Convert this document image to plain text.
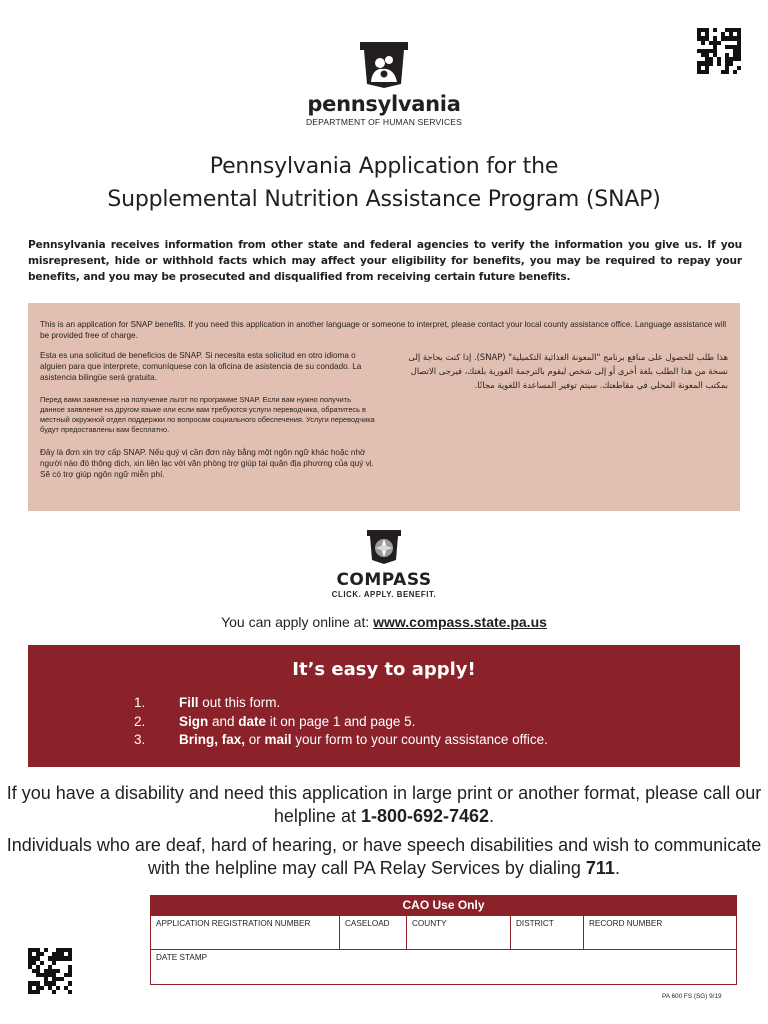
pennsylvania
DEPARTMENT OF HUMAN SERVICES
Pennsylvania Application for the
Supplemental Nutrition Assistance Program (SNAP)

Pennsylvania receives information from other state and federal agencies to verify the information you give us. If you misrepresent, hide or withhold facts which may affect your eligibility for benefits, you may be required to repay your benefits, and you may be prosecuted and disqualified from receiving certain future benefits.

This is an application for SNAP benefits. If you need this application in another language or someone to interpret, please contact your local county assistance office. Language assistance will be provided free of charge.

Esta es una solicitud de beneficios de SNAP. Si necesita esta solicitud en otro idioma o alguien para que interprete, comuníquese con la oficina de asistencia de su condado. La asistencia bilingüe será gratuita.

Перед вами заявление на получение льгот по программе SNAP. Если вам нужно получить данное заявление на другом языке или если вам требуются услуги переводчика, обратитесь в местный окружной отдел поддержки по вопросам социального обеспечения. Услуги переводчика будут предоставлены вам бесплатно.

Đây là đơn xin trợ cấp SNAP. Nếu quý vị cần đơn này bằng một ngôn ngữ khác hoặc nhờ người nào đó thông dịch, xin liên lạc với văn phòng trợ giúp tại quận địa phương của quý vị. Sẽ có trợ giúp ngôn ngữ miễn phí.

هذا طلب للحصول على منافع برنامج "المعونة الغذائية التكميلية" (SNAP). إذا كنت بحاجة إلى نسخة من هذا الطلب بلغة أخرى أو إلى شخص ليقوم بالترجمة الفورية بلغتك، فيرجى الاتصال بمكتب المعونة المحلي في مقاطعتك. سيتم توفير المساعدة اللغوية مجانًا.

COMPASS
CLICK. APPLY. BENEFIT.
You can apply online at: www.compass.state.pa.us
It’s easy to apply!
1.	Fill out this form.
2.	Sign and date it on page 1 and page 5.
3.	Bring, fax, or mail your form to your county assistance office.

If you have a disability and need this application in large print or another format, please call our helpline at 1-800-692-7462.

Individuals who are deaf, hard of hearing, or have speech disabilities and wish to communicate with the helpline may call PA Relay Services by dialing 711.

CAO Use Only
APPLICATION REGISTRATION NUMBER	CASELOAD	COUNTY	DISTRICT	RECORD NUMBER
DATE STAMP
PA 600 FS (SG) 9/19
